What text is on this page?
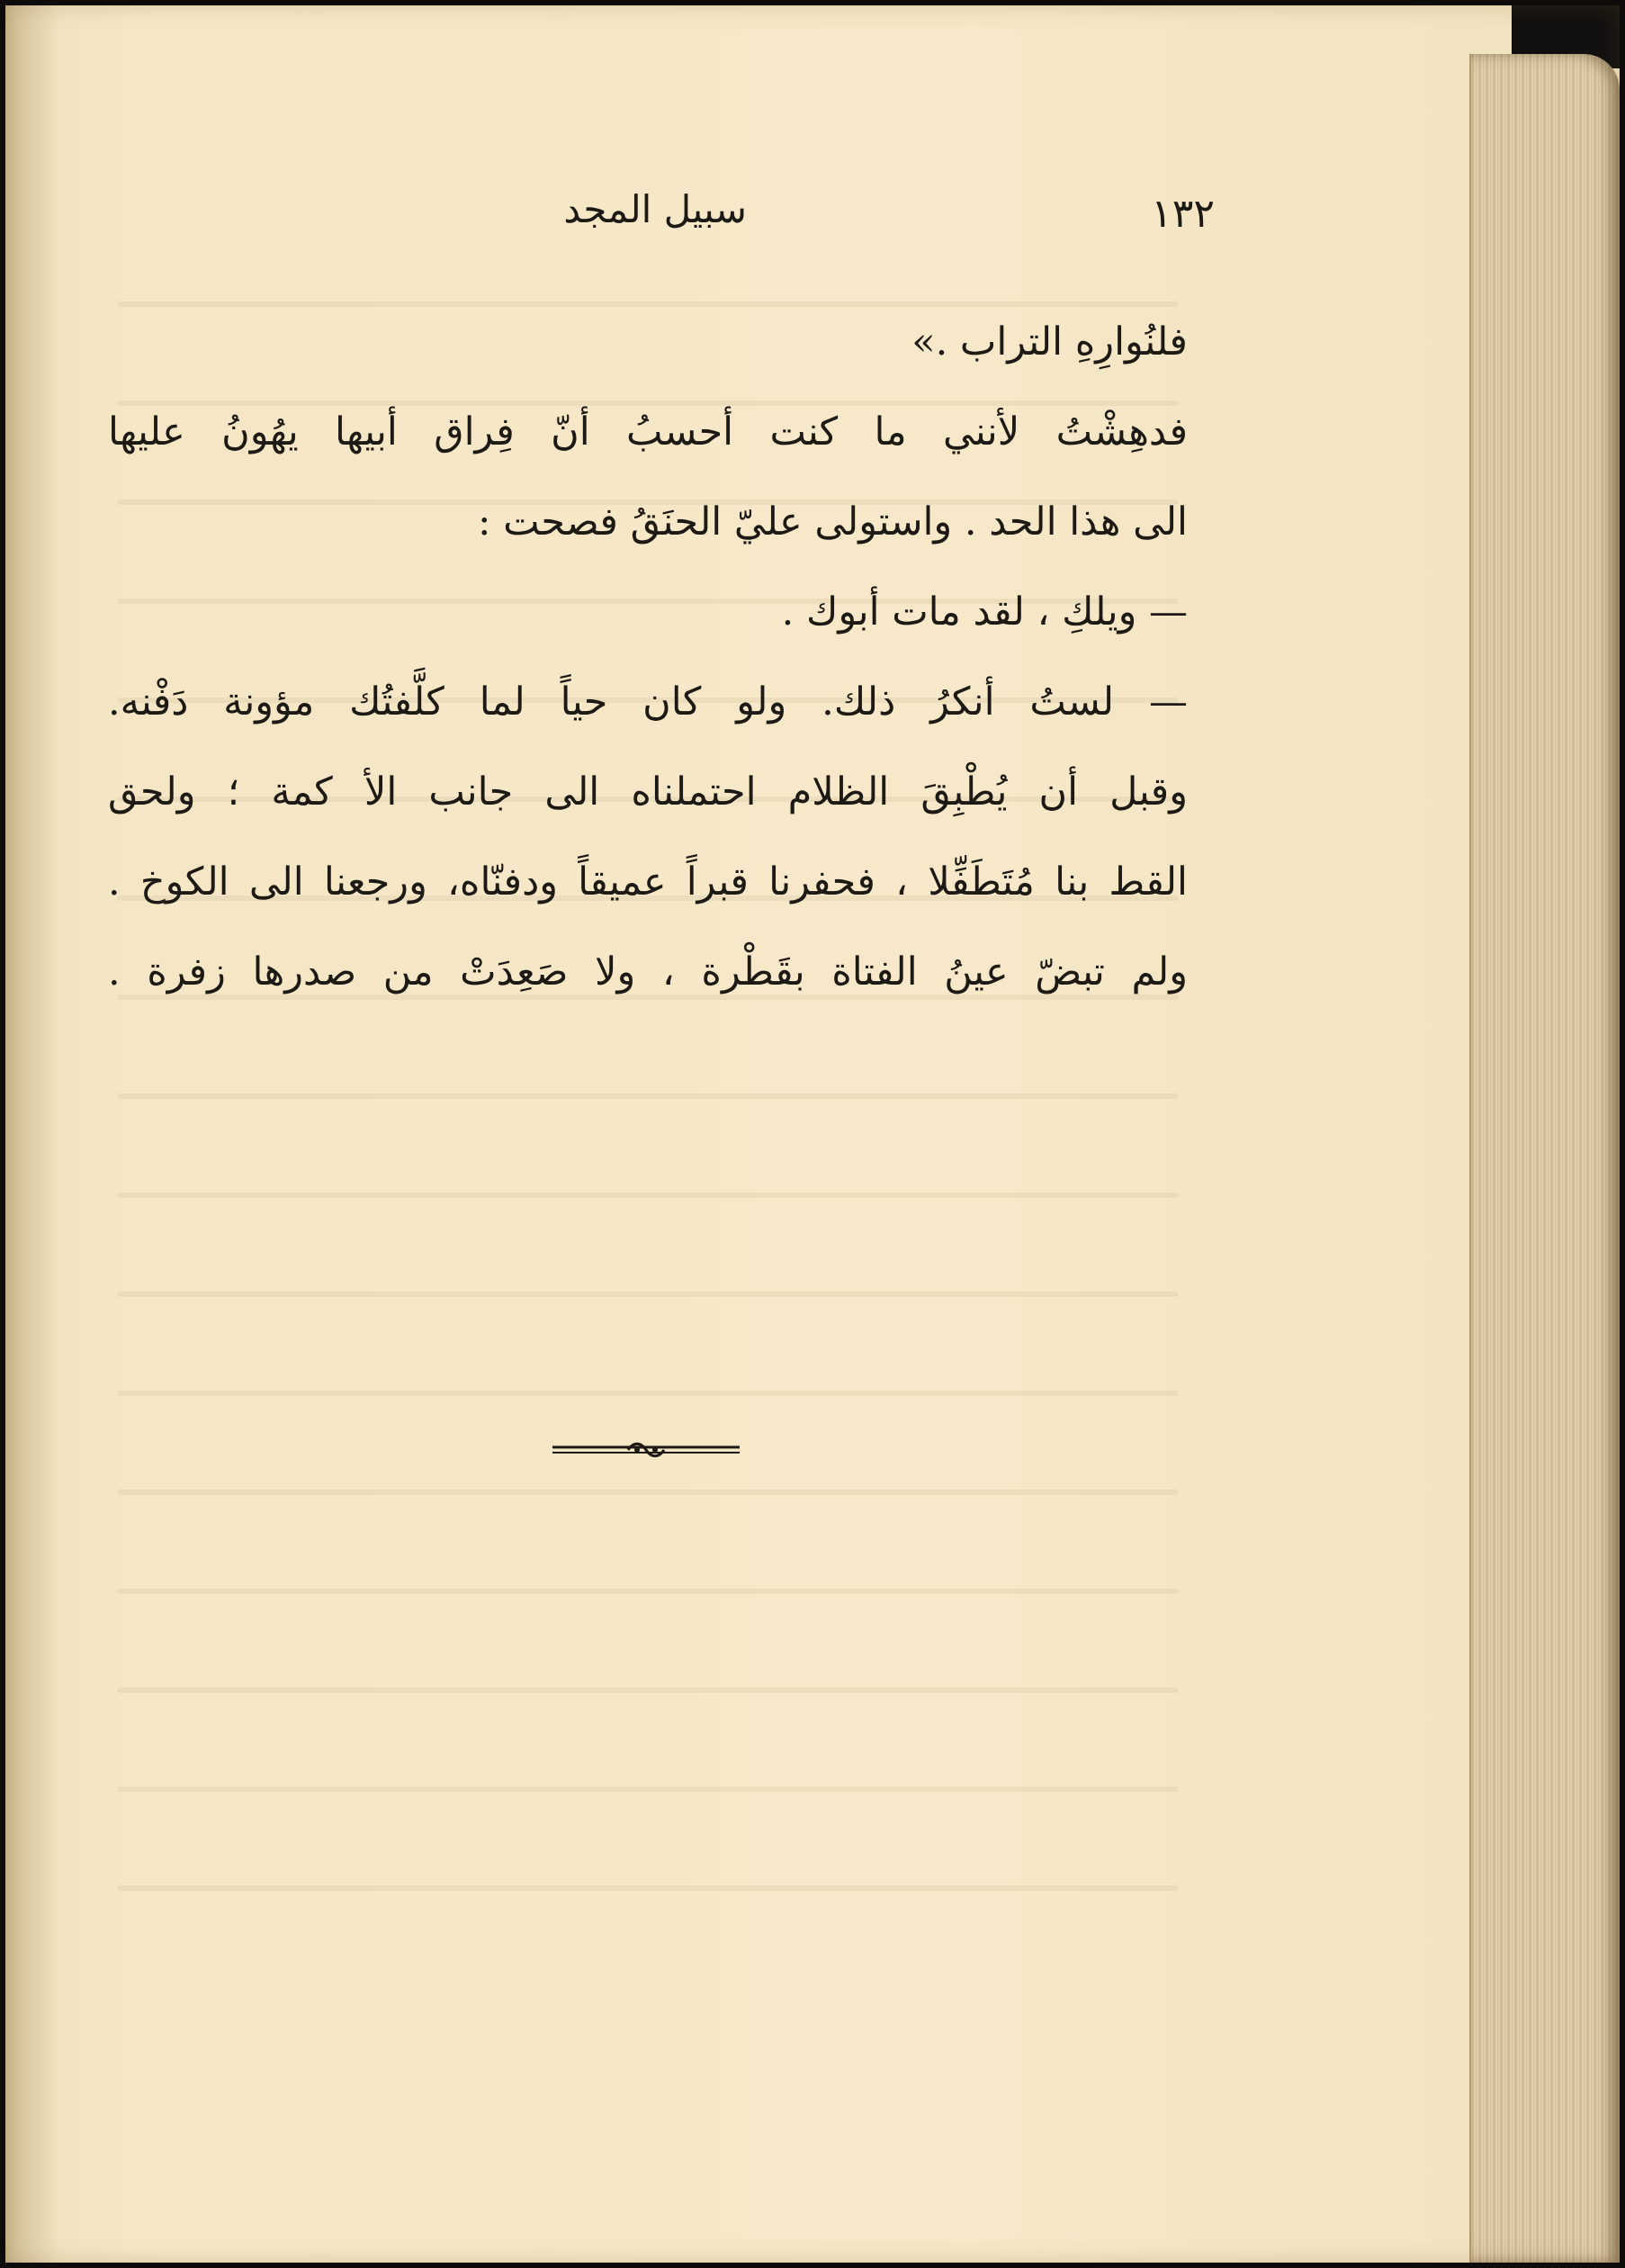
سبيل المجد	١٣٢
فلنُوارِهِ التراب .»
فدهِشْتُ لأنني ما كنت أحسبُ أنّ فِراق أبيها يهُونُ عليها
الى هذا الحد . واستولى عليّ الحنَقُ فصحت :
— ويلكِ ، لقد مات أبوك .
— لستُ أنكرُ ذلك. ولو كان حياً لما كلَّفتُك مؤونة دَفْنه.
وقبل أن يُطْبِقَ الظلام احتملناه الى جانب الأ كمة ؛ ولحق
القط بنا مُتَطَفِّلا ، فحفرنا قبراً عميقاً ودفنّاه، ورجعنا الى الكوخ .
ولم تبضّ عينُ الفتاة بقَطْرة ، ولا صَعِدَتْ من صدرها زفرة .
